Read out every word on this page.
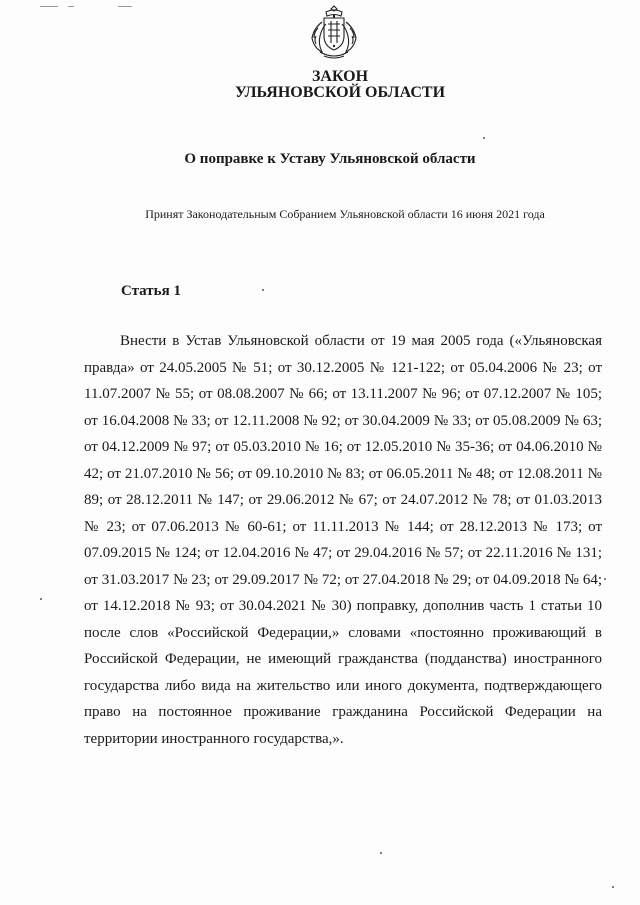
ЗАКОН
УЛЬЯНОВСКОЙ ОБЛАСТИ
О поправке к Уставу Ульяновской области
Принят Законодательным Собранием Ульяновской области 16 июня 2021 года
Статья 1
Внести в Устав Ульяновской области от 19 мая 2005 года («Ульяновская правда» от 24.05.2005 № 51; от 30.12.2005 № 121-122; от 05.04.2006 № 23; от 11.07.2007 № 55; от 08.08.2007 № 66; от 13.11.2007 № 96; от 07.12.2007 № 105; от 16.04.2008 № 33; от 12.11.2008 № 92; от 30.04.2009 № 33; от 05.08.2009 № 63; от 04.12.2009 № 97; от 05.03.2010 № 16; от 12.05.2010 № 35-36; от 04.06.2010 № 42; от 21.07.2010 № 56; от 09.10.2010 № 83; от 06.05.2011 № 48; от 12.08.2011 № 89; от 28.12.2011 № 147; от 29.06.2012 № 67; от 24.07.2012 № 78; от 01.03.2013 № 23; от 07.06.2013 № 60-61; от 11.11.2013 № 144; от 28.12.2013 № 173; от 07.09.2015 № 124; от 12.04.2016 № 47; от 29.04.2016 № 57; от 22.11.2016 № 131; от 31.03.2017 № 23; от 29.09.2017 № 72; от 27.04.2018 № 29; от 04.09.2018 № 64; от 14.12.2018 № 93; от 30.04.2021 № 30) поправку, дополнив часть 1 статьи 10 после слов «Российской Федерации,» словами «постоянно проживающий в Российской Федерации, не имеющий гражданства (подданства) иностранного государства либо вида на жительство или иного документа, подтверждающего право на постоянное проживание гражданина Российской Федерации на территории иностранного государства,».
